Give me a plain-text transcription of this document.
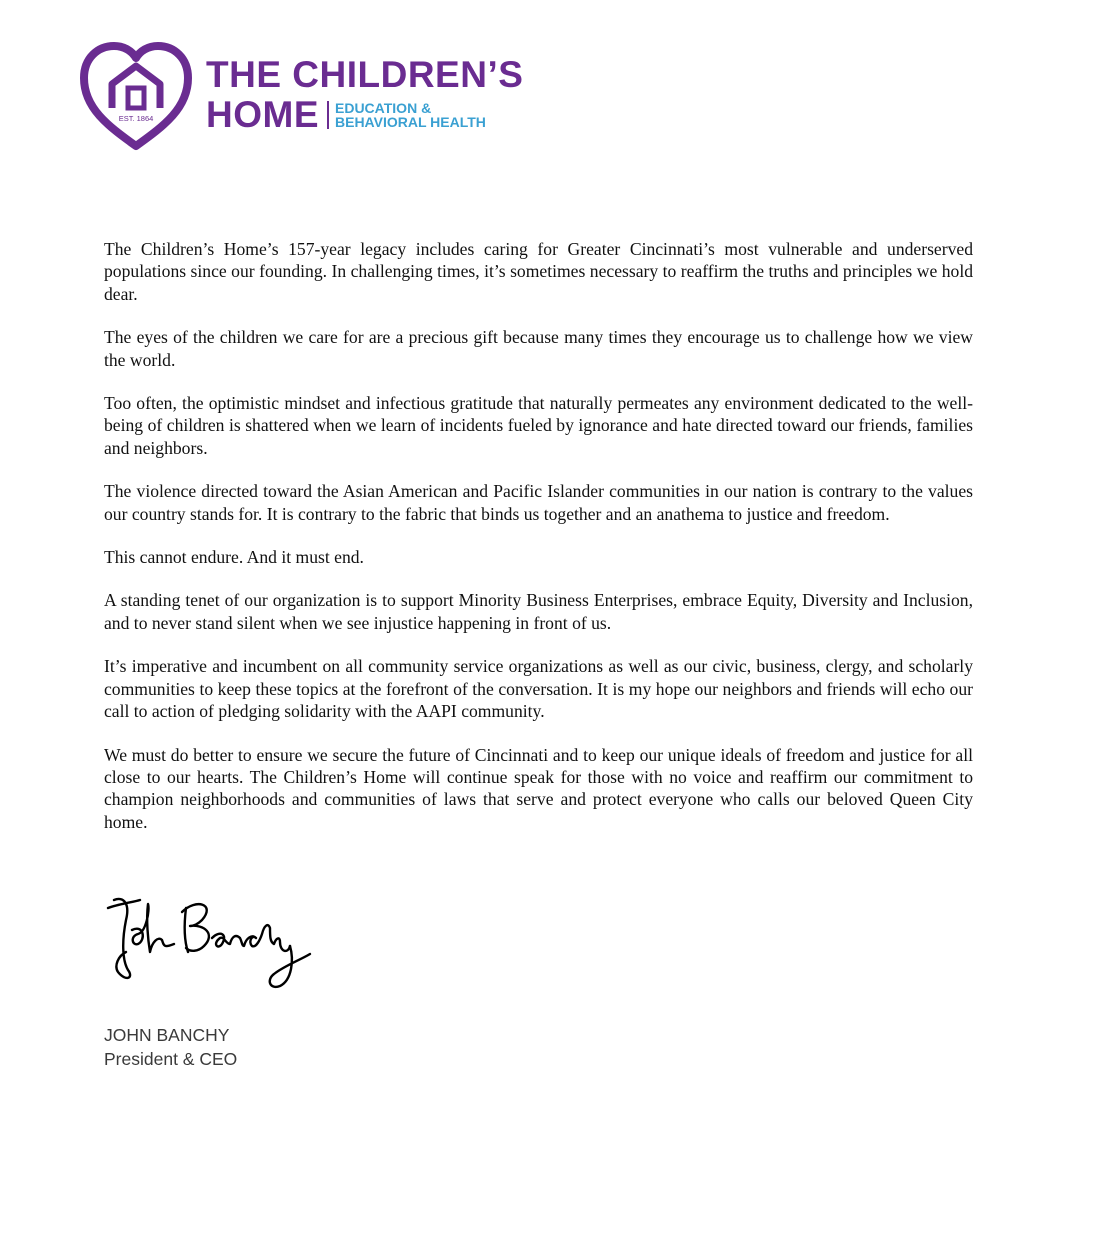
EST. 1864
THE CHILDREN’S
HOME EDUCATION &
BEHAVIORAL HEALTH

The Children’s Home’s 157-year legacy includes caring for Greater Cincinnati’s most vulnerable and underserved populations since our founding. In challenging times, it’s sometimes necessary to reaffirm the truths and principles we hold dear.

The eyes of the children we care for are a precious gift because many times they encourage us to challenge how we view the world.

Too often, the optimistic mindset and infectious gratitude that naturally permeates any environment dedicated to the well-being of children is shattered when we learn of incidents fueled by ignorance and hate directed toward our friends, families and neighbors.

The violence directed toward the Asian American and Pacific Islander communities in our nation is contrary to the values our country stands for. It is contrary to the fabric that binds us together and an anathema to justice and freedom.

This cannot endure. And it must end.

A standing tenet of our organization is to support Minority Business Enterprises, embrace Equity, Diversity and Inclusion, and to never stand silent when we see injustice happening in front of us.

It’s imperative and incumbent on all community service organizations as well as our civic, business, clergy, and scholarly communities to keep these topics at the forefront of the conversation. It is my hope our neighbors and friends will echo our call to action of pledging solidarity with the AAPI community.

We must do better to ensure we secure the future of Cincinnati and to keep our unique ideals of freedom and justice for all close to our hearts. The Children’s Home will continue speak for those with no voice and reaffirm our commitment to champion neighborhoods and communities of laws that serve and protect everyone who calls our beloved Queen City home.

JOHN BANCHY
President & CEO
